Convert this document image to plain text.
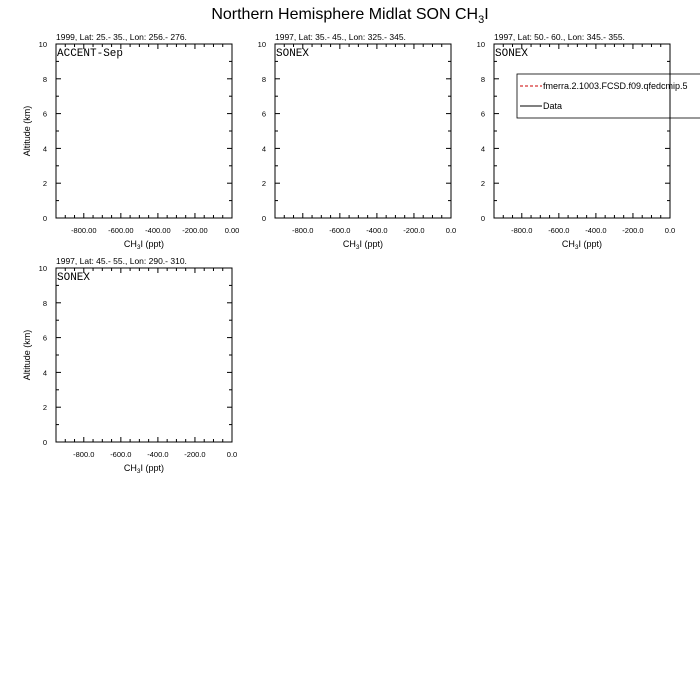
Northern Hemisphere Midlat SON $CH_3I$
1999, Lat: 25.- 35., Lon: 256.- 276.
ACCENT-Sep
0
2
4
6
8
10
-800.00 -600.00 -400.00 -200.00 0.00
$CH_3I$ (ppt)
Altitude (km)
1997, Lat: 35.- 45., Lon: 325.- 345.
SONEX
0
2
4
6
8
10
-800.0 -600.0 -400.0 -200.0	0.0
$CH_3I$ (ppt)
1997, Lat: 50.- 60., Lon: 345.- 355.
SONEX
0
2
4
6
8
10
-800.0 -600.0 -400.0 -200.0	0.0
$CH_3I$ (ppt)
fmerra.2.1003.FCSD.f09.qfedcmip.5
Data
1997, Lat: 45.- 55., Lon: 290.- 310.
SONEX
0
2
4
6
8
10
-800.0 -600.0 -400.0 -200.0	0.0
$CH_3I$ (ppt)
Altitude (km)
